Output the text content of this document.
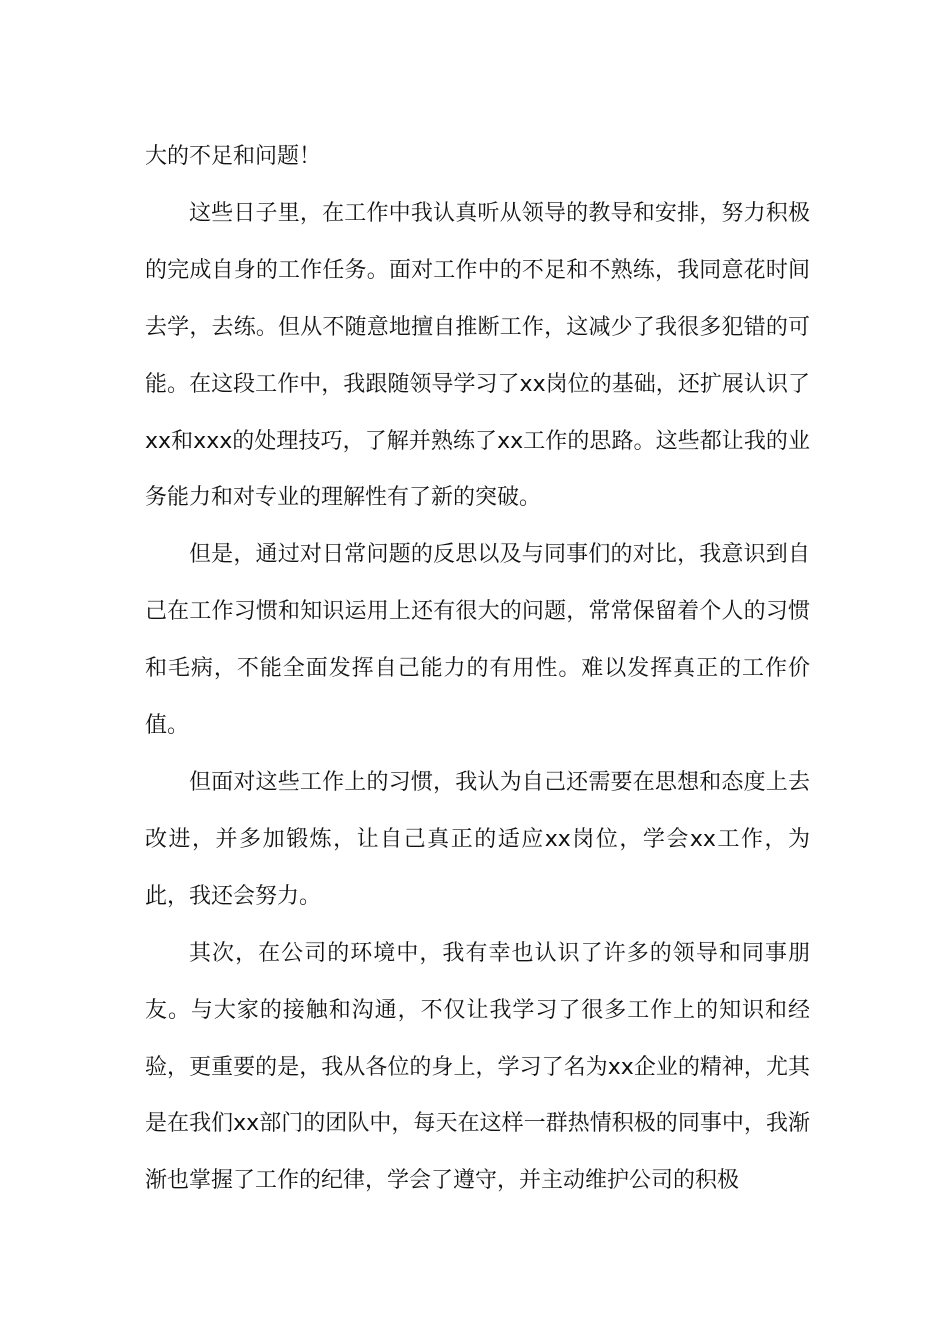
大的不足和问题！

这些日子里，在工作中我认真听从领导的教导和安排，努力积极的完成自身的工作任务。面对工作中的不足和不熟练，我同意花时间去学，去练。但从不随意地擅自推断工作，这减少了我很多犯错的可能。在这段工作中，我跟随领导学习了xx岗位的基础，还扩展认识了xx和xxx的处理技巧，了解并熟练了xx工作的思路。这些都让我的业务能力和对专业的理解性有了新的突破。

但是，通过对日常问题的反思以及与同事们的对比，我意识到自己在工作习惯和知识运用上还有很大的问题，常常保留着个人的习惯和毛病，不能全面发挥自己能力的有用性。难以发挥真正的工作价值。

但面对这些工作上的习惯，我认为自己还需要在思想和态度上去改进，并多加锻炼，让自己真正的适应xx岗位，学会xx工作，为此，我还会努力。

其次，在公司的环境中，我有幸也认识了许多的领导和同事朋友。与大家的接触和沟通，不仅让我学习了很多工作上的知识和经验，更重要的是，我从各位的身上，学习了名为xx企业的精神，尤其是在我们xx部门的团队中，每天在这样一群热情积极的同事中，我渐渐也掌握了工作的纪律，学会了遵守，并主动维护公司的积极
